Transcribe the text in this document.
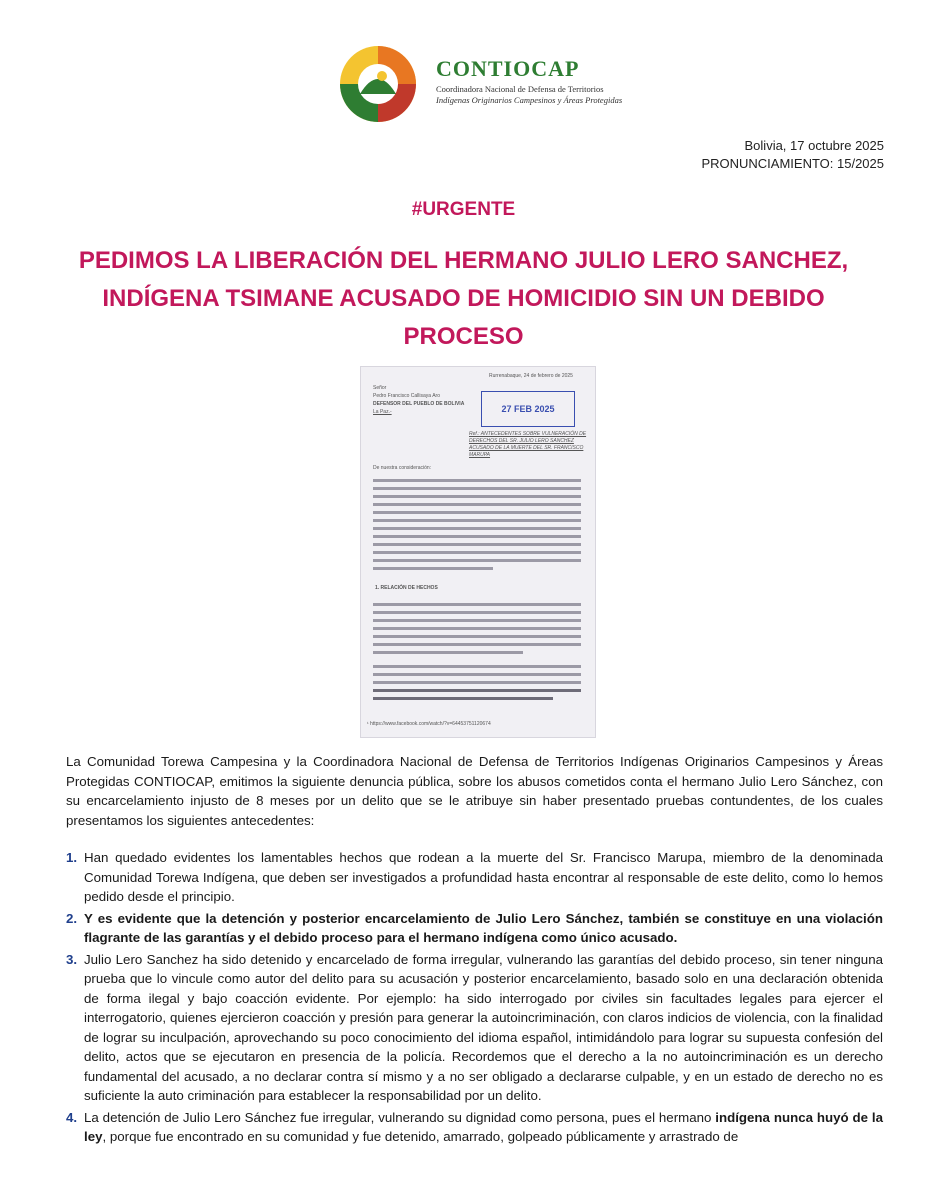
CONTIOCAP
Coordinadora Nacional de Defensa de Territorios
Indígenas Originarios Campesinos y Áreas Protegidas
Bolivia, 17 octubre 2025
PRONUNCIAMIENTO: 15/2025
#URGENTE
PEDIMOS LA LIBERACIÓN DEL HERMANO JULIO LERO SANCHEZ, INDÍGENA TSIMANE ACUSADO DE HOMICIDIO SIN UN DEBIDO PROCESO
Rurrenabaque, 24 de febrero de 2025
Señor
Pedro Francisco Callisaya Aro
DEFENSOR DEL PUEBLO DE BOLIVIA
La Paz.-	27 FEB 2025
Ref.: ANTECEDENTES SOBRE VULNERACIÓN DE DERECHOS DEL SR. JULIO LERO SANCHEZ ACUSADO DE LA MUERTE DEL SR. FRANCISCO MARUPA
De nuestra consideración:
1. RELACIÓN DE HECHOS
¹ https://www.facebook.com/watch/?v=64453751120674

La Comunidad Torewa Campesina y la Coordinadora Nacional de Defensa de Territorios Indígenas Originarios Campesinos y Áreas Protegidas CONTIOCAP, emitimos la siguiente denuncia pública, sobre los abusos cometidos conta el hermano Julio Lero Sánchez, con su encarcelamiento injusto de 8 meses por un delito que se le atribuye sin haber presentado pruebas contundentes, de los cuales presentamos los siguientes antecedentes:

1. Han quedado evidentes los lamentables hechos que rodean a la muerte del Sr. Francisco Marupa, miembro de la denominada Comunidad Torewa Indígena, que deben ser investigados a profundidad hasta encontrar al responsable de este delito, como lo hemos pedido desde el principio.
2. Y es evidente que la detención y posterior encarcelamiento de Julio Lero Sánchez, también se constituye en una violación flagrante de las garantías y el debido proceso para el hermano indígena como único acusado.
3. Julio Lero Sanchez ha sido detenido y encarcelado de forma irregular, vulnerando las garantías del debido proceso, sin tener ninguna prueba que lo vincule como autor del delito para su acusación y posterior encarcelamiento, basado solo en una declaración obtenida de forma ilegal y bajo coacción evidente. Por ejemplo: ha sido interrogado por civiles sin facultades legales para ejercer el interrogatorio, quienes ejercieron coacción y presión para generar la autoincriminación, con claros indicios de violencia, con la finalidad de lograr su inculpación, aprovechando su poco conocimiento del idioma español, intimidándolo para lograr su supuesta confesión del delito, actos que se ejecutaron en presencia de la policía. Recordemos que el derecho a la no autoincriminación es un derecho fundamental del acusado, a no declarar contra sí mismo y a no ser obligado a declararse culpable, y en un estado de derecho no es suficiente la auto criminación para establecer la responsabilidad por un delito.
4. La detención de Julio Lero Sánchez fue irregular, vulnerando su dignidad como persona, pues el hermano indígena nunca huyó de la ley, porque fue encontrado en su comunidad y fue detenido, amarrado, golpeado públicamente y arrastrado de
